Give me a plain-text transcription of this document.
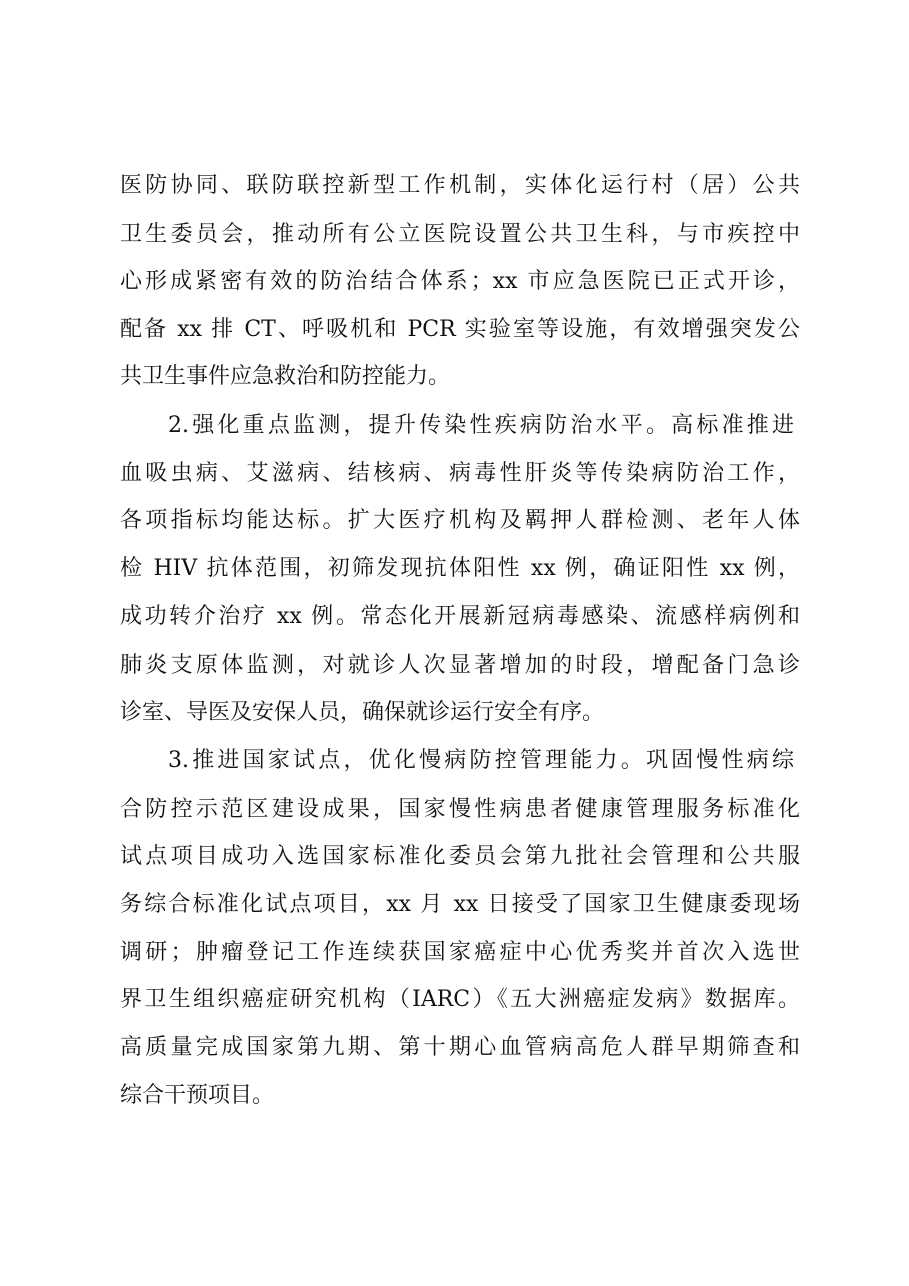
医防协同、联防联控新型工作机制，实体化运行村（居）公共

卫生委员会，推动所有公立医院设置公共卫生科，与市疾控中

心形成紧密有效的防治结合体系；xx 市应急医院已正式开诊，

配备 xx 排 CT、呼吸机和 PCR 实验室等设施，有效增强突发公

共卫生事件应急救治和防控能力。

2.强化重点监测，提升传染性疾病防治水平。高标准推进

血吸虫病、艾滋病、结核病、病毒性肝炎等传染病防治工作，

各项指标均能达标。扩大医疗机构及羁押人群检测、老年人体

检 HIV 抗体范围，初筛发现抗体阳性 xx 例，确证阳性 xx 例，

成功转介治疗 xx 例。常态化开展新冠病毒感染、流感样病例和

肺炎支原体监测，对就诊人次显著增加的时段，增配备门急诊

诊室、导医及安保人员，确保就诊运行安全有序。

3.推进国家试点，优化慢病防控管理能力。巩固慢性病综

合防控示范区建设成果，国家慢性病患者健康管理服务标准化

试点项目成功入选国家标准化委员会第九批社会管理和公共服

务综合标准化试点项目，xx 月 xx 日接受了国家卫生健康委现场

调研；肿瘤登记工作连续获国家癌症中心优秀奖并首次入选世

界卫生组织癌症研究机构（IARC）《五大洲癌症发病》数据库。

高质量完成国家第九期、第十期心血管病高危人群早期筛查和

综合干预项目。
